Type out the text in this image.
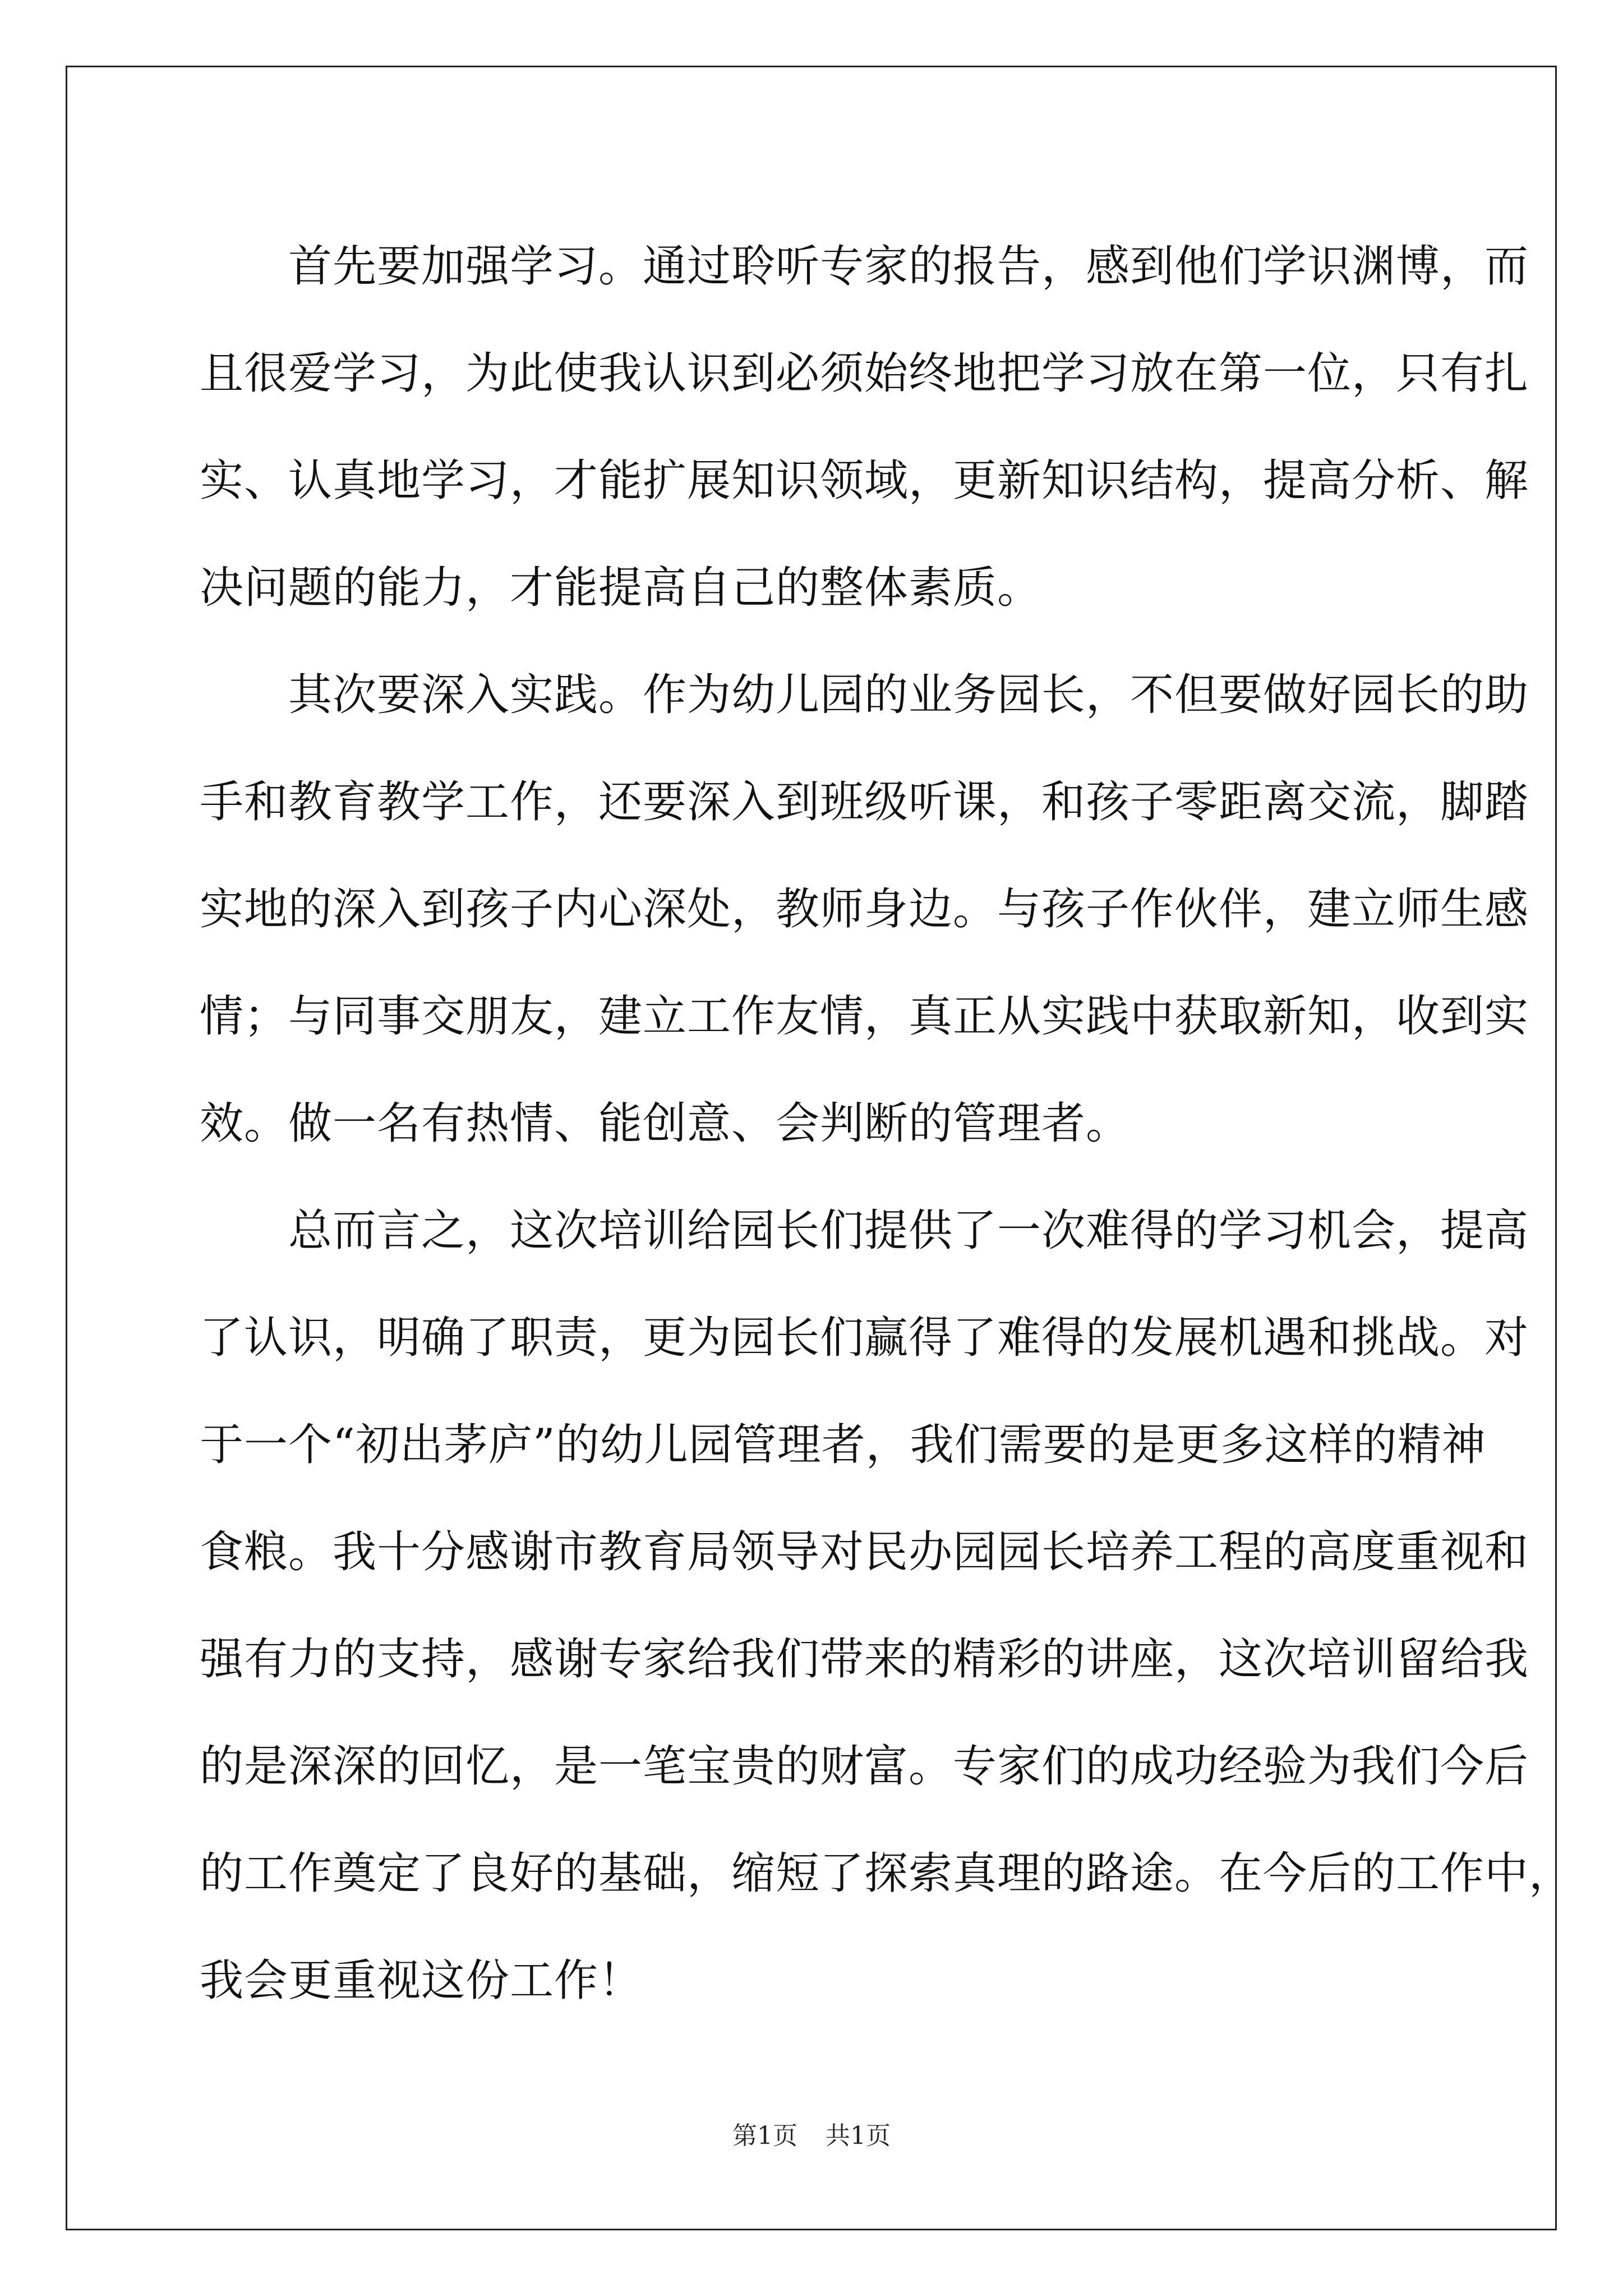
　　首先要加强学习。通过聆听专家的报告，感到他们学识渊博，而
且很爱学习，为此使我认识到必须始终地把学习放在第一位，只有扎
实、认真地学习，才能扩展知识领域，更新知识结构，提高分析、解
决问题的能力，才能提高自己的整体素质。
　　其次要深入实践。作为幼儿园的业务园长，不但要做好园长的助
手和教育教学工作，还要深入到班级听课，和孩子零距离交流，脚踏
实地的深入到孩子内心深处，教师身边。与孩子作伙伴，建立师生感
情；与同事交朋友，建立工作友情，真正从实践中获取新知，收到实
效。做一名有热情、能创意、会判断的管理者。
　　总而言之，这次培训给园长们提供了一次难得的学习机会，提高
了认识，明确了职责，更为园长们赢得了难得的发展机遇和挑战。对
于一个“初出茅庐”的幼儿园管理者，我们需要的是更多这样的精神
食粮。我十分感谢市教育局领导对民办园园长培养工程的高度重视和
强有力的支持，感谢专家给我们带来的精彩的讲座，这次培训留给我
的是深深的回忆，是一笔宝贵的财富。专家们的成功经验为我们今后
的工作奠定了良好的基础，缩短了探索真理的路途。在今后的工作中，
我会更重视这份工作！
第1页 共1页
